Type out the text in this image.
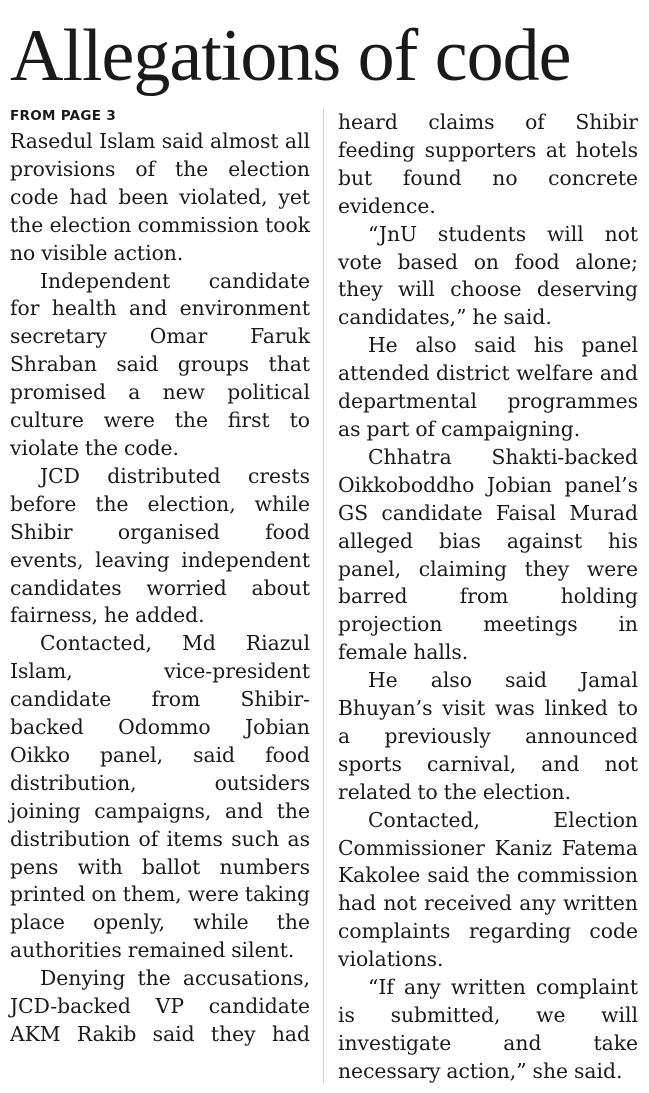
Allegations of code
FROM PAGE 3

Rasedul Islam said almost all provisions of the election code had been violated, yet the election commission took no visible action.

Independent candidate for health and environment secretary Omar Faruk Shraban said groups that promised a new political culture were the first to violate the code.

JCD distributed crests before the election, while Shibir organised food events, leaving independent candidates worried about fairness, he added.

Contacted, Md Riazul Islam, vice-president candidate from Shibir-backed Odommo Jobian Oikko panel, said food distribution, outsiders joining campaigns, and the distribution of items such as pens with ballot numbers printed on them, were taking place openly, while the authorities remained silent.

Denying the accusations, JCD-backed VP candidate AKM Rakib said they had

heard claims of Shibir feeding supporters at hotels but found no concrete evidence.

“JnU students will not vote based on food alone; they will choose deserving candidates,” he said.

He also said his panel attended district welfare and departmental programmes as part of campaigning.

Chhatra Shakti-backed Oikkoboddho Jobian panel’s GS candidate Faisal Murad alleged bias against his panel, claiming they were barred from holding projection meetings in female halls.

He also said Jamal Bhuyan’s visit was linked to a previously announced sports carnival, and not related to the election.

Contacted, Election Commissioner Kaniz Fatema Kakolee said the commission had not received any written complaints regarding code violations.

“If any written complaint is submitted, we will investigate and take necessary action,” she said.
